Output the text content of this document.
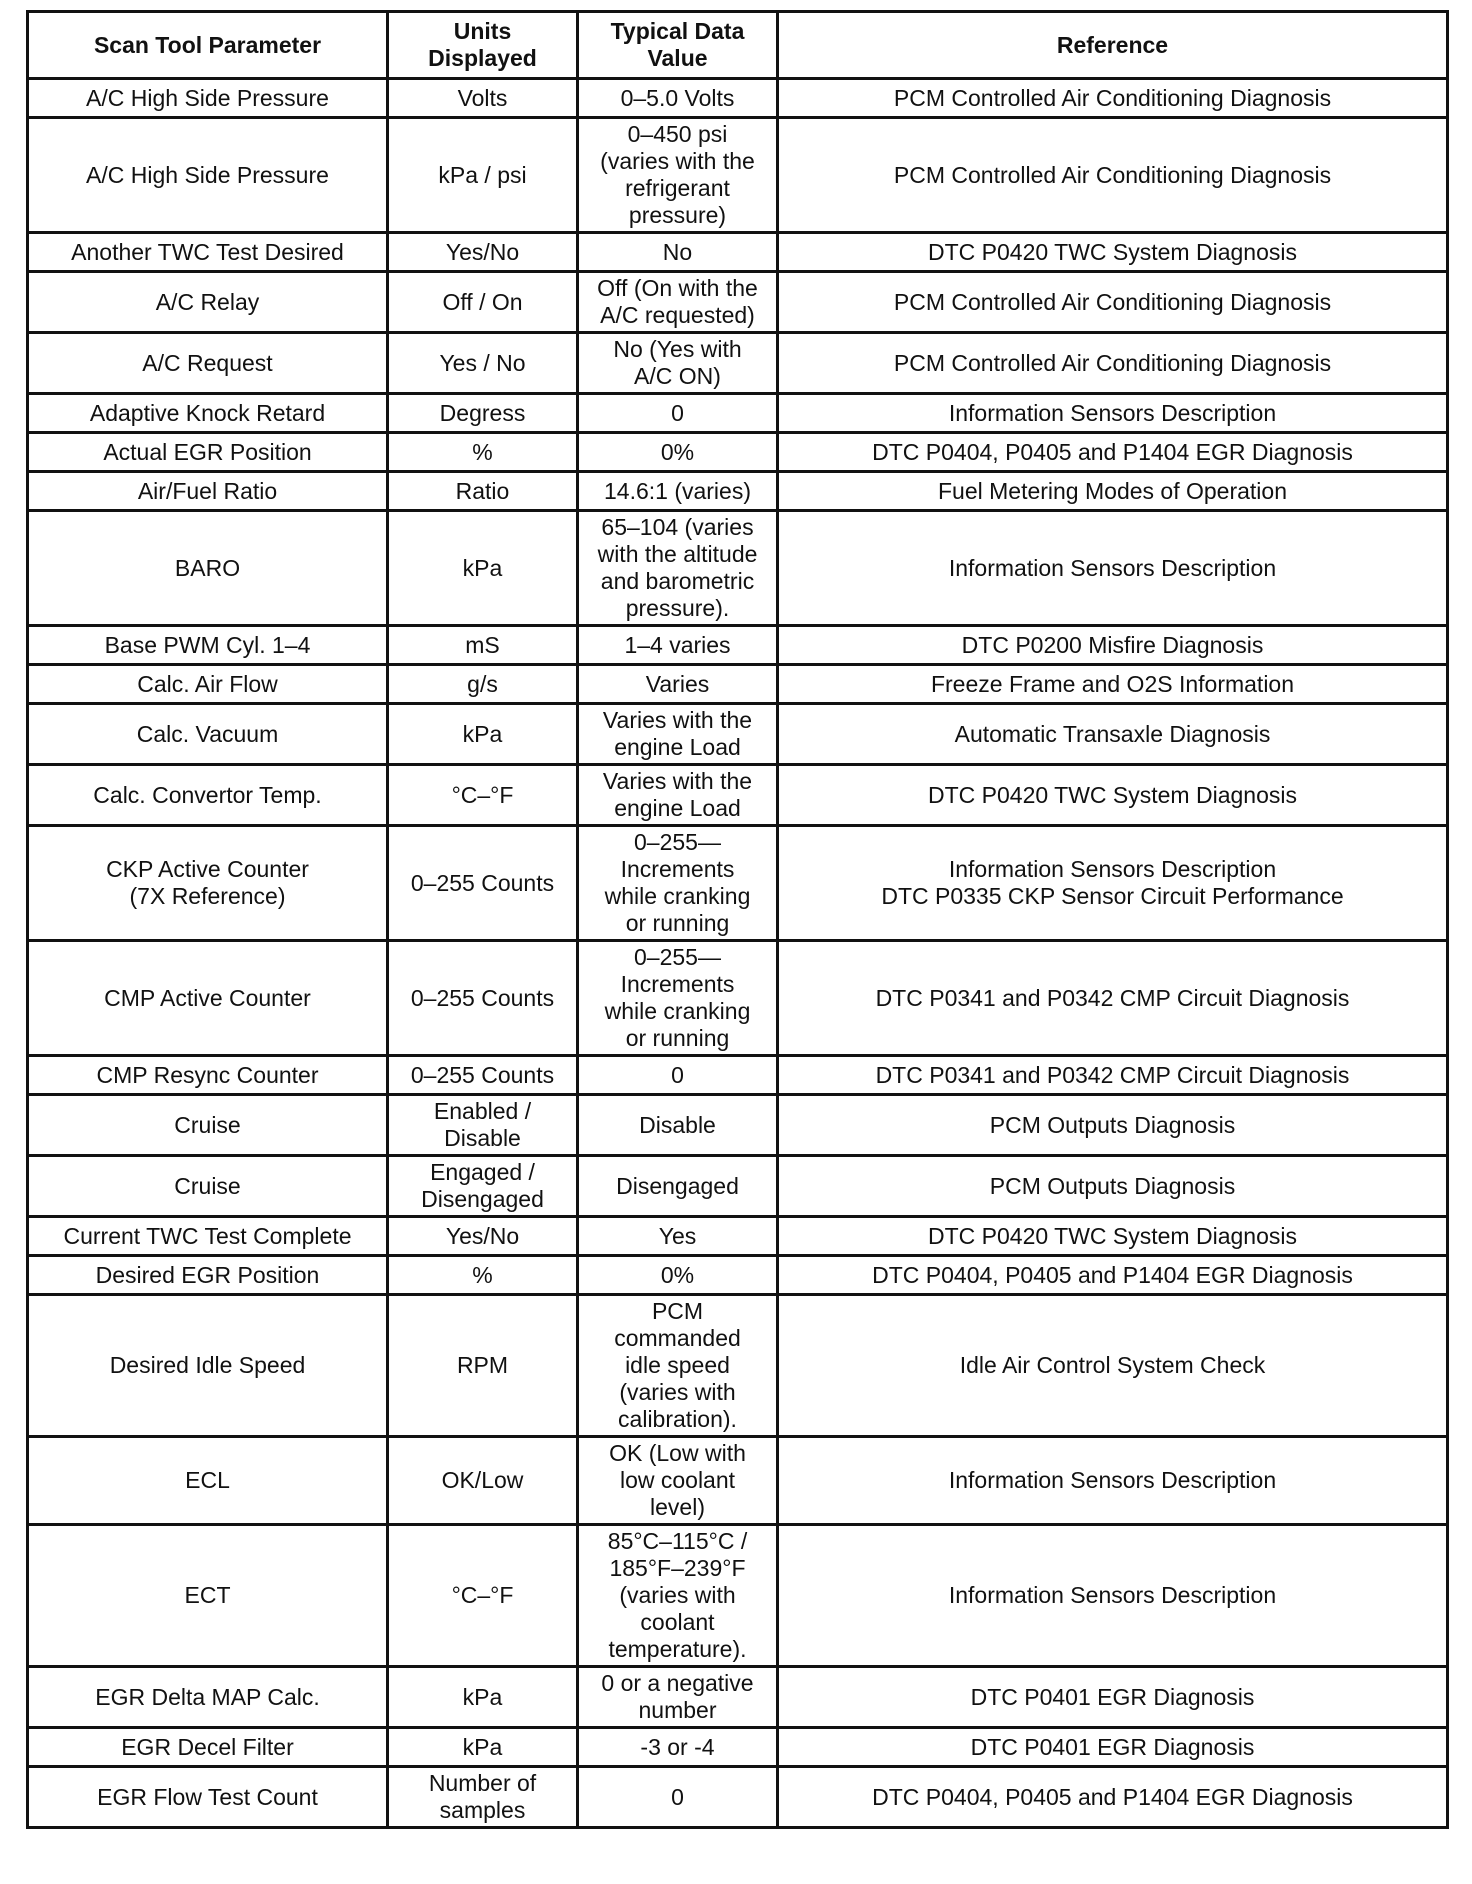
Scan Tool Parameter	Units Displayed	Typical Data Value	Reference

A/C High Side Pressure	Volts	0–5.0 Volts	PCM Controlled Air Conditioning Diagnosis

A/C High Side Pressure	kPa / psi	0–450 psi
(varies with the
refrigerant
pressure)	PCM Controlled Air Conditioning Diagnosis

Another TWC Test Desired	Yes/No	No	DTC P0420 TWC System Diagnosis

A/C Relay	Off / On	Off (On with the
A/C requested)	PCM Controlled Air Conditioning Diagnosis

A/C Request	Yes / No	No (Yes with
A/C ON)	PCM Controlled Air Conditioning Diagnosis

Adaptive Knock Retard	Degress	0	Information Sensors Description

Actual EGR Position	%	0%	DTC P0404, P0405 and P1404 EGR Diagnosis

Air/Fuel Ratio	Ratio	14.6:1 (varies)	Fuel Metering Modes of Operation

BARO	kPa	65–104 (varies
with the altitude
and barometric
pressure).	Information Sensors Description

Base PWM Cyl. 1–4	mS	1–4 varies	DTC P0200 Misfire Diagnosis

Calc. Air Flow	g/s	Varies	Freeze Frame and O2S Information

Calc. Vacuum	kPa	Varies with the
engine Load	Automatic Transaxle Diagnosis

Calc. Convertor Temp.	°C–°F	Varies with the
engine Load	DTC P0420 TWC System Diagnosis

CKP Active Counter
(7X Reference)	0–255 Counts	0–255—
Increments
while cranking
or running	Information Sensors Description
DTC P0335 CKP Sensor Circuit Performance

CMP Active Counter	0–255 Counts	0–255—
Increments
while cranking
or running	DTC P0341 and P0342 CMP Circuit Diagnosis

CMP Resync Counter	0–255 Counts	0	DTC P0341 and P0342 CMP Circuit Diagnosis

Cruise	Enabled /
Disable	Disable	PCM Outputs Diagnosis

Cruise	Engaged /
Disengaged	Disengaged	PCM Outputs Diagnosis

Current TWC Test Complete	Yes/No	Yes	DTC P0420 TWC System Diagnosis

Desired EGR Position	%	0%	DTC P0404, P0405 and P1404 EGR Diagnosis

Desired Idle Speed	RPM	PCM
commanded
idle speed
(varies with
calibration).	Idle Air Control System Check

ECL	OK/Low	OK (Low with
low coolant
level)	Information Sensors Description

ECT	°C–°F	85°C–115°C /
185°F–239°F
(varies with
coolant
temperature).	Information Sensors Description

EGR Delta MAP Calc.	kPa	0 or a negative
number	DTC P0401 EGR Diagnosis

EGR Decel Filter	kPa	-3 or -4	DTC P0401 EGR Diagnosis

EGR Flow Test Count	Number of
samples	0	DTC P0404, P0405 and P1404 EGR Diagnosis
